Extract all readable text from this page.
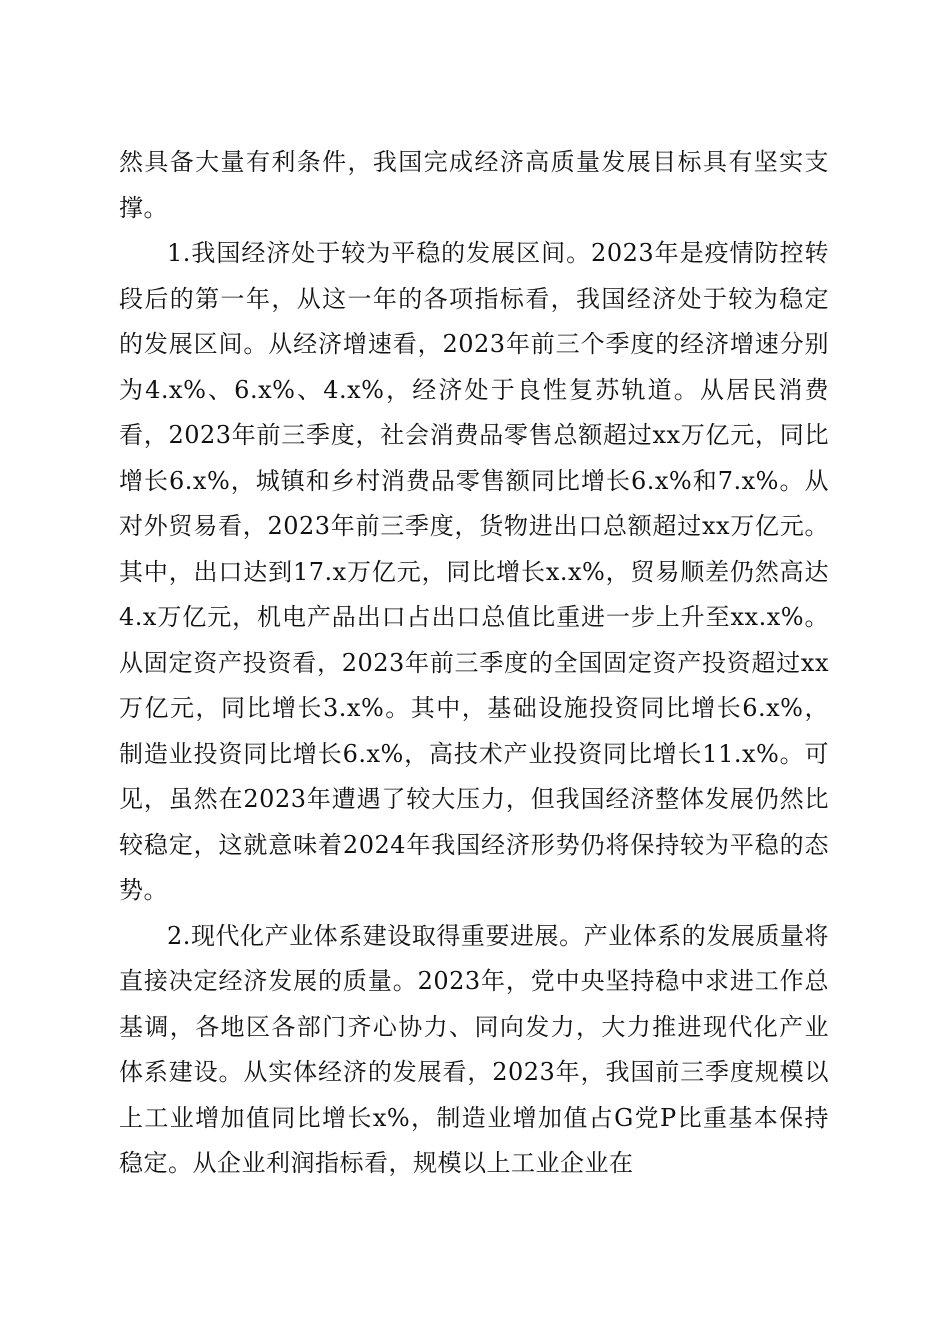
然具备大量有利条件，我国完成经济高质量发展目标具有坚实支撑。

1.我国经济处于较为平稳的发展区间。2023年是疫情防控转段后的第一年，从这一年的各项指标看，我国经济处于较为稳定的发展区间。从经济增速看，2023年前三个季度的经济增速分别为4.x%、6.x%、4.x%，经济处于良性复苏轨道。从居民消费看，2023年前三季度，社会消费品零售总额超过xx万亿元，同比增长6.x%，城镇和乡村消费品零售额同比增长6.x%和7.x%。从对外贸易看，2023年前三季度，货物进出口总额超过xx万亿元。其中，出口达到17.x万亿元，同比增长x.x%，贸易顺差仍然高达4.x万亿元，机电产品出口占出口总值比重进一步上升至xx.x%。从固定资产投资看，2023年前三季度的全国固定资产投资超过xx万亿元，同比增长3.x%。其中，基础设施投资同比增长6.x%，制造业投资同比增长6.x%，高技术产业投资同比增长11.x%。可见，虽然在2023年遭遇了较大压力，但我国经济整体发展仍然比较稳定，这就意味着2024年我国经济形势仍将保持较为平稳的态势。

2.现代化产业体系建设取得重要进展。产业体系的发展质量将直接决定经济发展的质量。2023年，党中央坚持稳中求进工作总基调，各地区各部门齐心协力、同向发力，大力推进现代化产业体系建设。从实体经济的发展看，2023年，我国前三季度规模以上工业增加值同比增长x%，制造业增加值占G党P比重基本保持稳定。从企业利润指标看，规模以上工业企业在
